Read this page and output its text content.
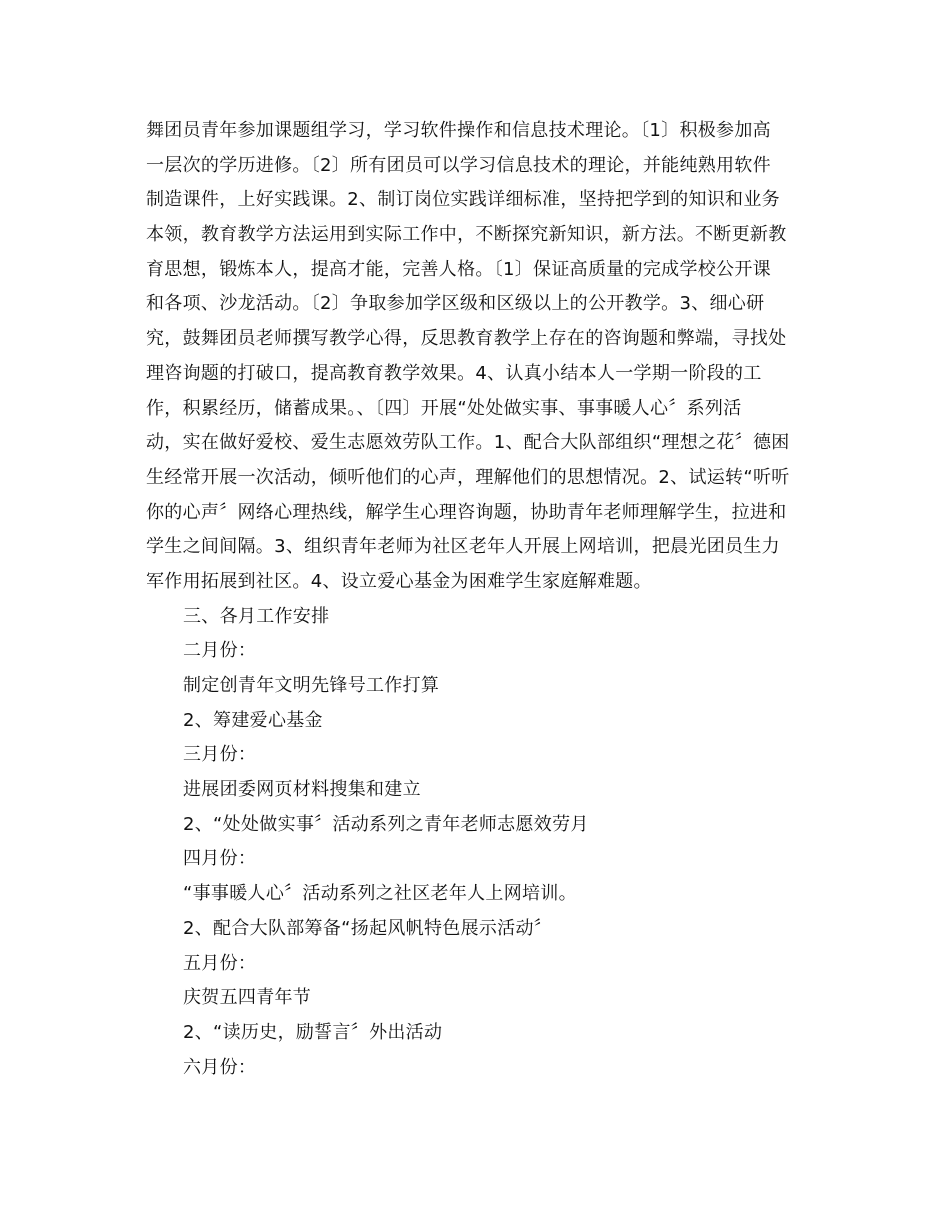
舞团员青年参加课题组学习，学习软件操作和信息技术理论。〔1〕积极参加高
一层次的学历进修。〔2〕所有团员可以学习信息技术的理论，并能纯熟用软件
制造课件，上好实践课。2、制订岗位实践详细标准，坚持把学到的知识和业务
本领，教育教学方法运用到实际工作中，不断探究新知识，新方法。不断更新教
育思想，锻炼本人，提高才能，完善人格。〔1〕保证高质量的完成学校公开课
和各项、沙龙活动。〔2〕争取参加学区级和区级以上的公开教学。3、细心研
究，鼓舞团员老师撰写教学心得，反思教育教学上存在的咨询题和弊端，寻找处
理咨询题的打破口，提高教育教学效果。4、认真小结本人一学期一阶段的工
作，积累经历，储蓄成果。、〔四〕开展“处处做实事、事事暖人心〞系列活
动，实在做好爱校、爱生志愿效劳队工作。1、配合大队部组织“理想之花〞德困
生经常开展一次活动，倾听他们的心声，理解他们的思想情况。2、试运转“听听
你的心声〞网络心理热线，解学生心理咨询题，协助青年老师理解学生，拉进和
学生之间间隔。3、组织青年老师为社区老年人开展上网培训，把晨光团员生力
军作用拓展到社区。4、设立爱心基金为困难学生家庭解难题。
三、各月工作安排
二月份：
制定创青年文明先锋号工作打算
2、筹建爱心基金
三月份：
进展团委网页材料搜集和建立
2、“处处做实事〞活动系列之青年老师志愿效劳月
四月份：
“事事暖人心〞活动系列之社区老年人上网培训。
2、配合大队部筹备“扬起风帆特色展示活动〞
五月份：
庆贺五四青年节
2、“读历史，励誓言〞外出活动
六月份：
